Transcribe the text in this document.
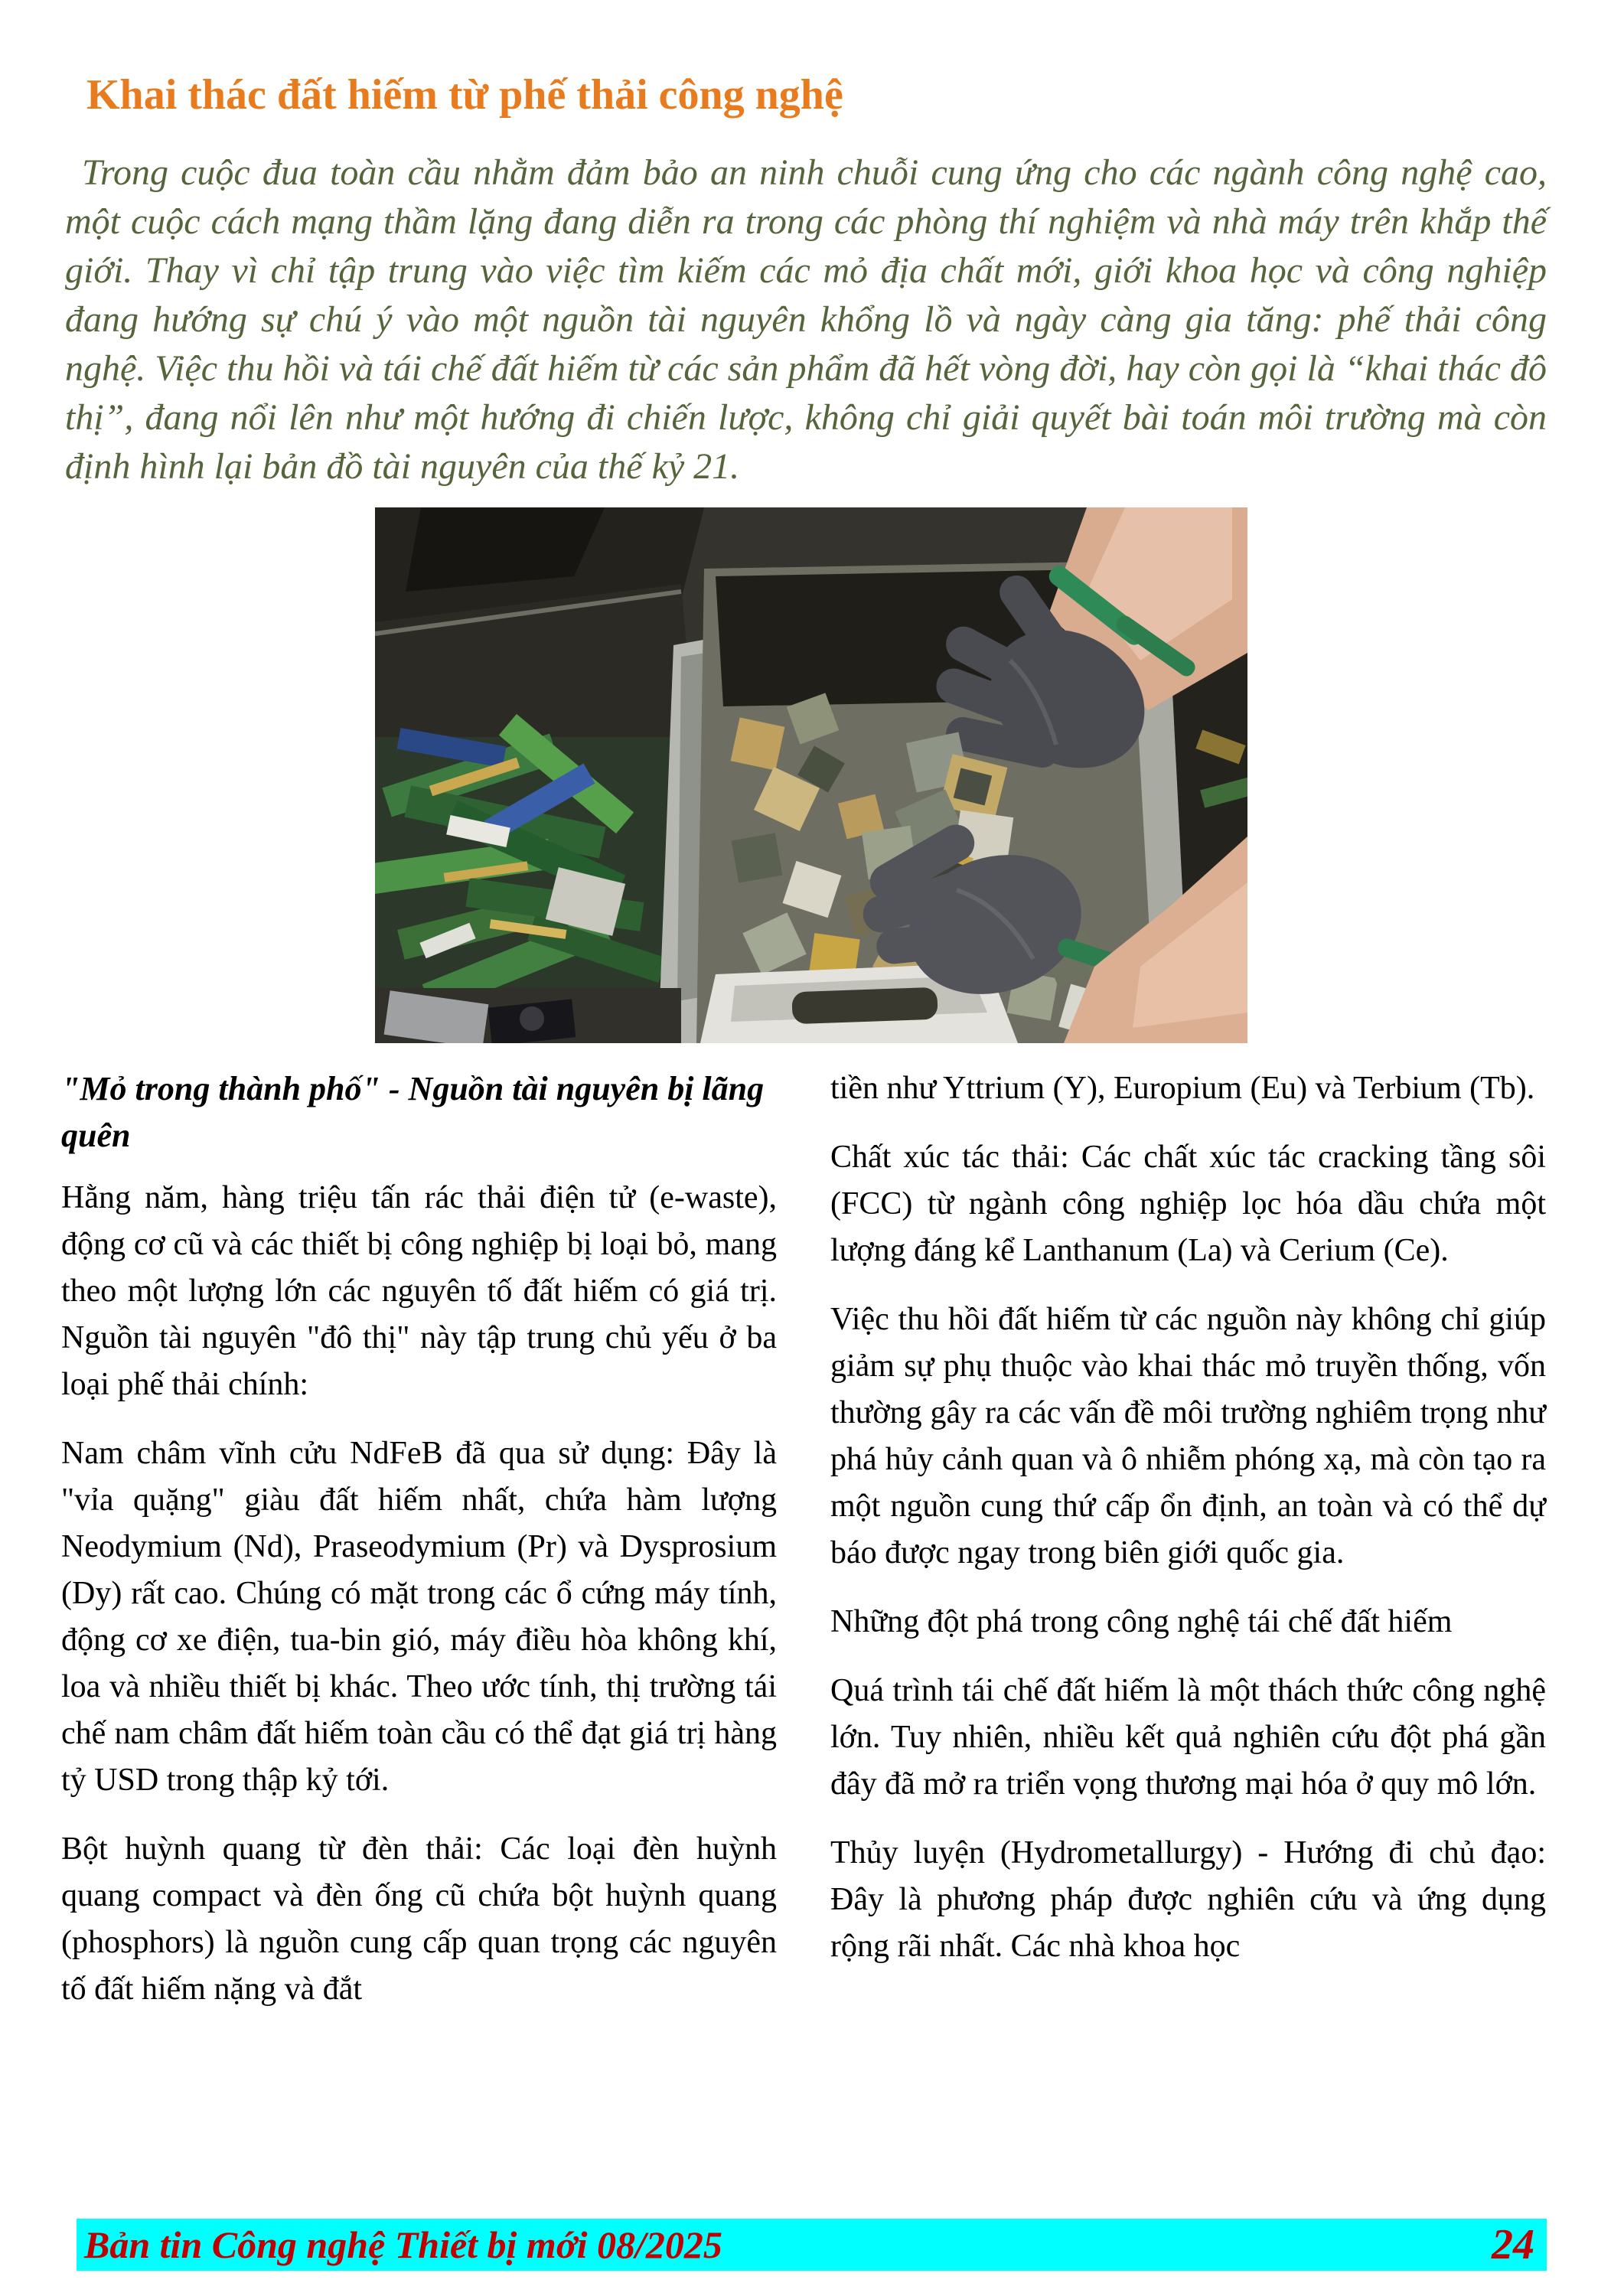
Khai thác đất hiếm từ phế thải công nghệ
Trong cuộc đua toàn cầu nhằm đảm bảo an ninh chuỗi cung ứng cho các ngành công nghệ cao, một cuộc cách mạng thầm lặng đang diễn ra trong các phòng thí nghiệm và nhà máy trên khắp thế giới. Thay vì chỉ tập trung vào việc tìm kiếm các mỏ địa chất mới, giới khoa học và công nghiệp đang hướng sự chú ý vào một nguồn tài nguyên khổng lồ và ngày càng gia tăng: phế thải công nghệ. Việc thu hồi và tái chế đất hiếm từ các sản phẩm đã hết vòng đời, hay còn gọi là “khai thác đô thị”, đang nổi lên như một hướng đi chiến lược, không chỉ giải quyết bài toán môi trường mà còn định hình lại bản đồ tài nguyên của thế kỷ 21.

"Mỏ trong thành phố" - Nguồn tài nguyên bị lãng quên

Hằng năm, hàng triệu tấn rác thải điện tử (e-waste), động cơ cũ và các thiết bị công nghiệp bị loại bỏ, mang theo một lượng lớn các nguyên tố đất hiếm có giá trị. Nguồn tài nguyên "đô thị" này tập trung chủ yếu ở ba loại phế thải chính:

Nam châm vĩnh cửu NdFeB đã qua sử dụng: Đây là "vỉa quặng" giàu đất hiếm nhất, chứa hàm lượng Neodymium (Nd), Praseodymium (Pr) và Dysprosium (Dy) rất cao. Chúng có mặt trong các ổ cứng máy tính, động cơ xe điện, tua-bin gió, máy điều hòa không khí, loa và nhiều thiết bị khác. Theo ước tính, thị trường tái chế nam châm đất hiếm toàn cầu có thể đạt giá trị hàng tỷ USD trong thập kỷ tới.

Bột huỳnh quang từ đèn thải: Các loại đèn huỳnh quang compact và đèn ống cũ chứa bột huỳnh quang (phosphors) là nguồn cung cấp quan trọng các nguyên tố đất hiếm nặng và đắt

tiền như Yttrium (Y), Europium (Eu) và Terbium (Tb).

Chất xúc tác thải: Các chất xúc tác cracking tầng sôi (FCC) từ ngành công nghiệp lọc hóa dầu chứa một lượng đáng kể Lanthanum (La) và Cerium (Ce).

Việc thu hồi đất hiếm từ các nguồn này không chỉ giúp giảm sự phụ thuộc vào khai thác mỏ truyền thống, vốn thường gây ra các vấn đề môi trường nghiêm trọng như phá hủy cảnh quan và ô nhiễm phóng xạ, mà còn tạo ra một nguồn cung thứ cấp ổn định, an toàn và có thể dự báo được ngay trong biên giới quốc gia.

Những đột phá trong công nghệ tái chế đất hiếm

Quá trình tái chế đất hiếm là một thách thức công nghệ lớn. Tuy nhiên, nhiều kết quả nghiên cứu đột phá gần đây đã mở ra triển vọng thương mại hóa ở quy mô lớn.

Thủy luyện (Hydrometallurgy) - Hướng đi chủ đạo: Đây là phương pháp được nghiên cứu và ứng dụng rộng rãi nhất. Các nhà khoa học

Bản tin Công nghệ Thiết bị mới 08/2025	24
